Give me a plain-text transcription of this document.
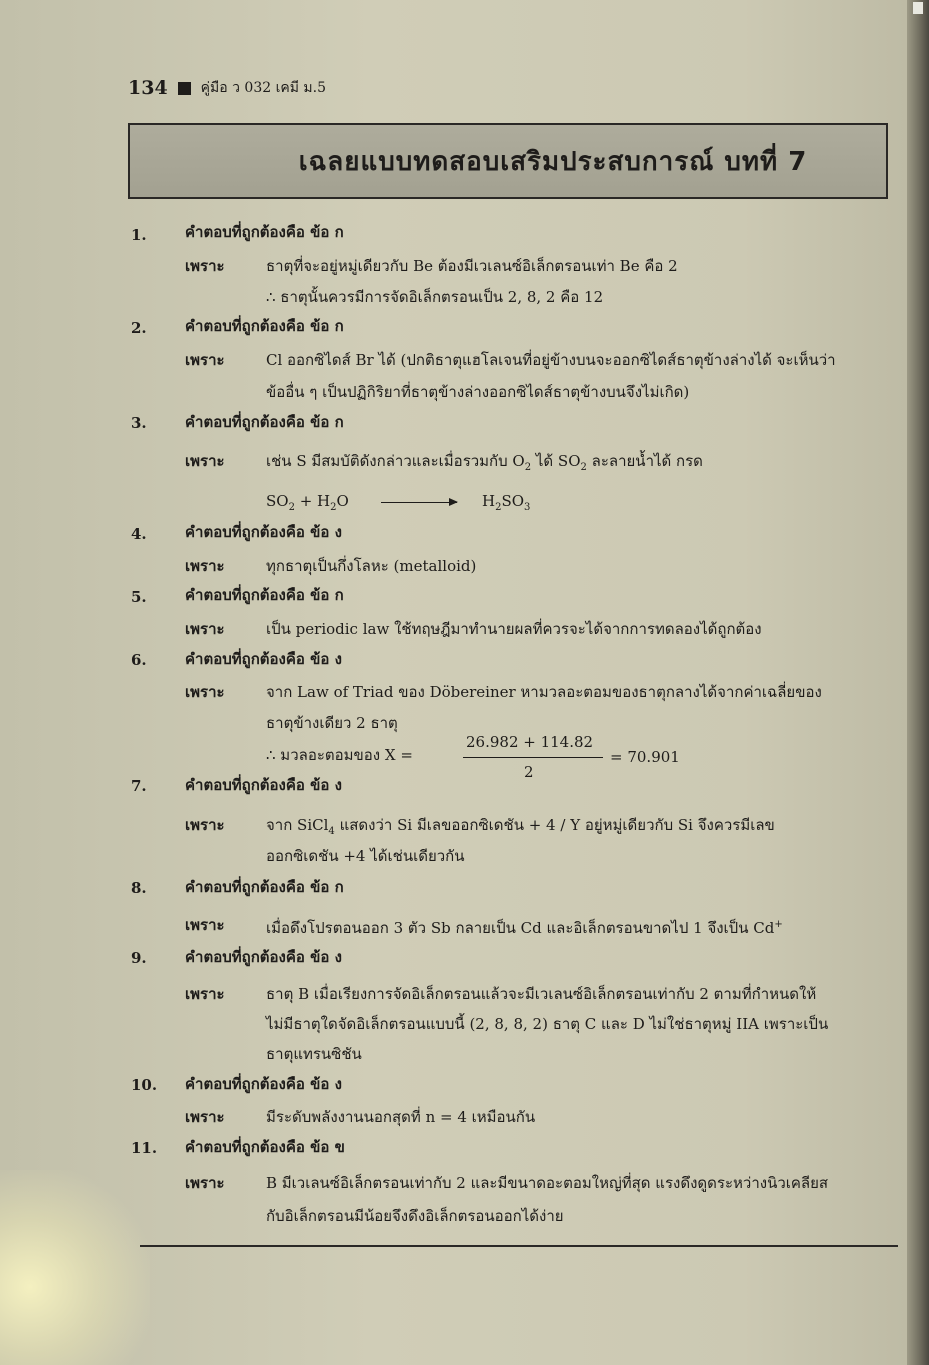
134 คู่มือ ว 032 เคมี ม.5
เฉลยแบบทดสอบเสริมประสบการณ์ บทที่ 7
1.	คำตอบที่ถูกต้องคือ ข้อ ก
เพราะ	ธาตุที่จะอยู่หมู่เดียวกับ Be ต้องมีเวเลนซ์อิเล็กตรอนเท่า Be คือ 2
∴ ธาตุนั้นควรมีการจัดอิเล็กตรอนเป็น 2, 8, 2 คือ 12
2.	คำตอบที่ถูกต้องคือ ข้อ ก
เพราะ	Cl ออกซิไดส์ Br ได้ (ปกติธาตุแฮโลเจนที่อยู่ข้างบนจะออกซิไดส์ธาตุข้างล่างได้ จะเห็นว่า
ข้ออื่น ๆ เป็นปฏิกิริยาที่ธาตุข้างล่างออกซิไดส์ธาตุข้างบนจึงไม่เกิด)
3.	คำตอบที่ถูกต้องคือ ข้อ ก
เพราะ	เช่น S มีสมบัติดังกล่าวและเมื่อรวมกับ $O_2$ ได้ $SO_2$ ละลายน้ำได้ กรด
$SO_2 + H_2O$	$H_2SO_3$
4.	คำตอบที่ถูกต้องคือ ข้อ ง
เพราะ	ทุกธาตุเป็นกึ่งโลหะ (metalloid)
5.	คำตอบที่ถูกต้องคือ ข้อ ก
เพราะ	เป็น periodic law ใช้ทฤษฎีมาทำนายผลที่ควรจะได้จากการทดลองได้ถูกต้อง
6.	คำตอบที่ถูกต้องคือ ข้อ ง
เพราะ	จาก Law of Triad ของ Döbereiner หามวลอะตอมของธาตุกลางได้จากค่าเฉลี่ยของ
ธาตุข้างเดียว 2 ธาตุ
∴ มวลอะตอมของ X =
26.982 + 114.82
2
= 70.901
7.	คำตอบที่ถูกต้องคือ ข้อ ง
เพราะ	จาก SiCl$_4$ แสดงว่า Si มีเลขออกซิเดชัน + 4 / Y อยู่หมู่เดียวกับ Si จึงควรมีเลข
ออกซิเดชัน +4 ได้เช่นเดียวกัน
8.	คำตอบที่ถูกต้องคือ ข้อ ก
เพราะ	เมื่อดึงโปรตอนออก 3 ตัว Sb กลายเป็น Cd และอิเล็กตรอนขาดไป 1 จึงเป็น Cd+
9.	คำตอบที่ถูกต้องคือ ข้อ ง
เพราะ	ธาตุ B เมื่อเรียงการจัดอิเล็กตรอนแล้วจะมีเวเลนซ์อิเล็กตรอนเท่ากับ 2 ตามที่กำหนดให้
ไม่มีธาตุใดจัดอิเล็กตรอนแบบนี้ (2, 8, 8, 2) ธาตุ C และ D ไม่ใช่ธาตุหมู่ IIA เพราะเป็น
ธาตุแทรนซิชัน
10. คำตอบที่ถูกต้องคือ ข้อ ง
เพราะ	มีระดับพลังงานนอกสุดที่ n = 4 เหมือนกัน
11. คำตอบที่ถูกต้องคือ ข้อ ข
เพราะ	B มีเวเลนซ์อิเล็กตรอนเท่ากับ 2 และมีขนาดอะตอมใหญ่ที่สุด แรงดึงดูดระหว่างนิวเคลียส
กับอิเล็กตรอนมีน้อยจึงดึงอิเล็กตรอนออกได้ง่าย
